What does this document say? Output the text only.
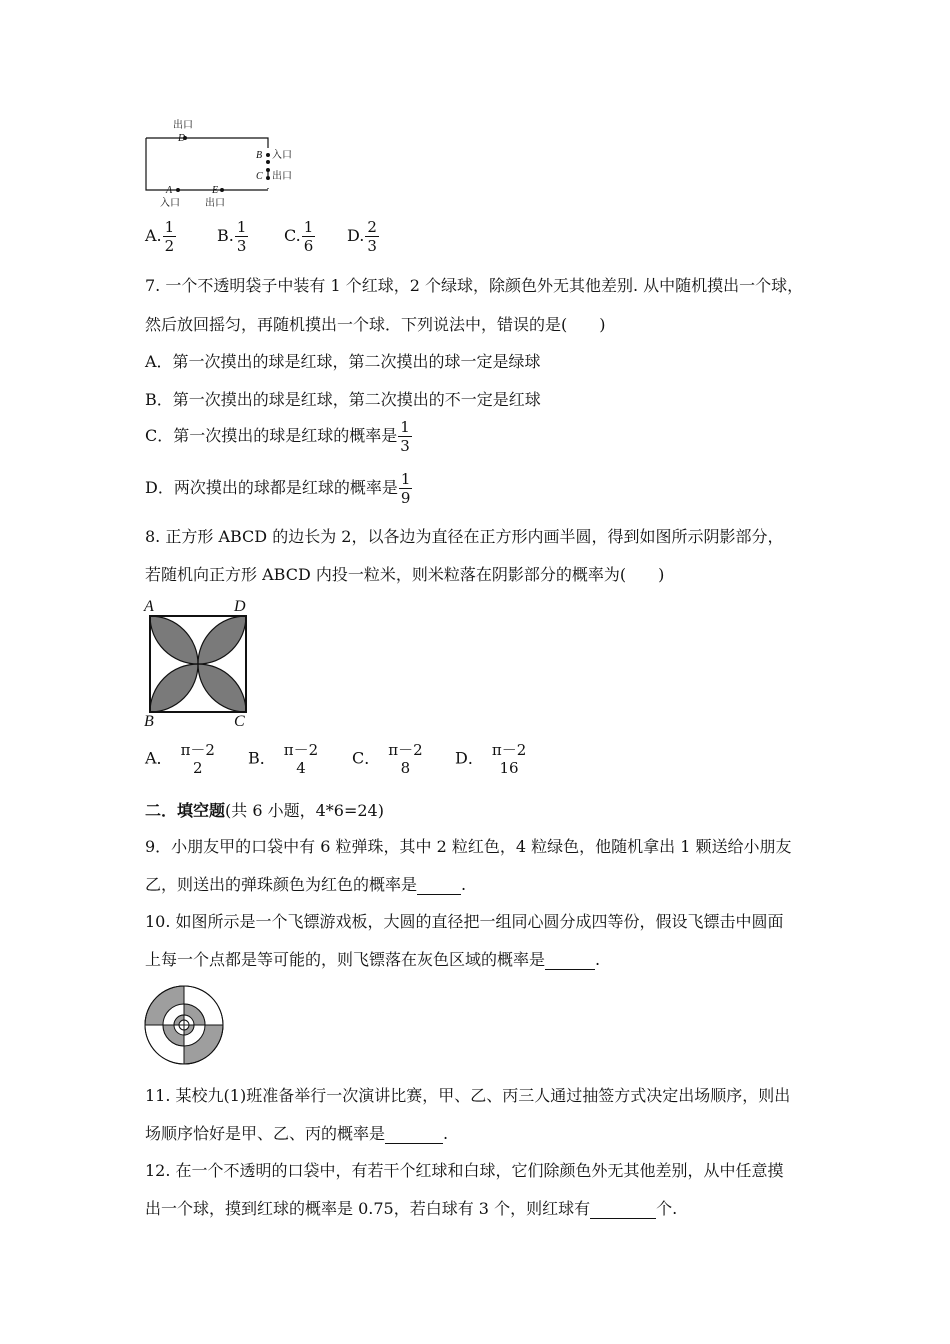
出口
D
B 入口
C 出口
A	E
入口	出口
A. $\frac{1}{2}$	B. $\frac{1}{3} C$. $\frac{1}{6} D$. $\frac{2}{3}$
7. 一个不透明袋子中装有 1 个红球，2 个绿球，除颜色外无其他差别. 从中随机摸出一个球，
然后放回摇匀，再随机摸出一个球．下列说法中，错误的是(　　)
A．第一次摸出的球是红球，第二次摸出的球一定是绿球
B．第一次摸出的球是红球，第二次摸出的不一定是红球
C．第一次摸出的球是红球的概率是 $\frac{1}{3}$
D．两次摸出的球都是红球的概率是 $\frac{1}{9}$
8. 正方形 ABCD 的边长为 2，以各边为直径在正方形内画半圆，得到如图所示阴影部分，
若随机向正方形 ABCD 内投一粒米，则米粒落在阴影部分的概率为(　　)
A	D
B	C
A． π－2
2
B． π－2
4
C． π－2
8
D． π－2
16
二．填空题(共 6 小题，4*6=24)
9．小朋友甲的口袋中有 6 粒弹珠，其中 2 粒红色，4 粒绿色，他随机拿出 1 颗送给小朋友
乙，则送出的弹珠颜色为红色的概率是	.
10. 如图所示是一个飞镖游戏板，大圆的直径把一组同心圆分成四等份，假设飞镖击中圆面
上每一个点都是等可能的，则飞镖落在灰色区域的概率是	.
11. 某校九(1)班准备举行一次演讲比赛，甲、乙、丙三人通过抽签方式决定出场顺序，则出
场顺序恰好是甲、乙、丙的概率是	.
12. 在一个不透明的口袋中，有若干个红球和白球，它们除颜色外无其他差别，从中任意摸
出一个球，摸到红球的概率是 0.75，若白球有 3 个，则红球有	个.
